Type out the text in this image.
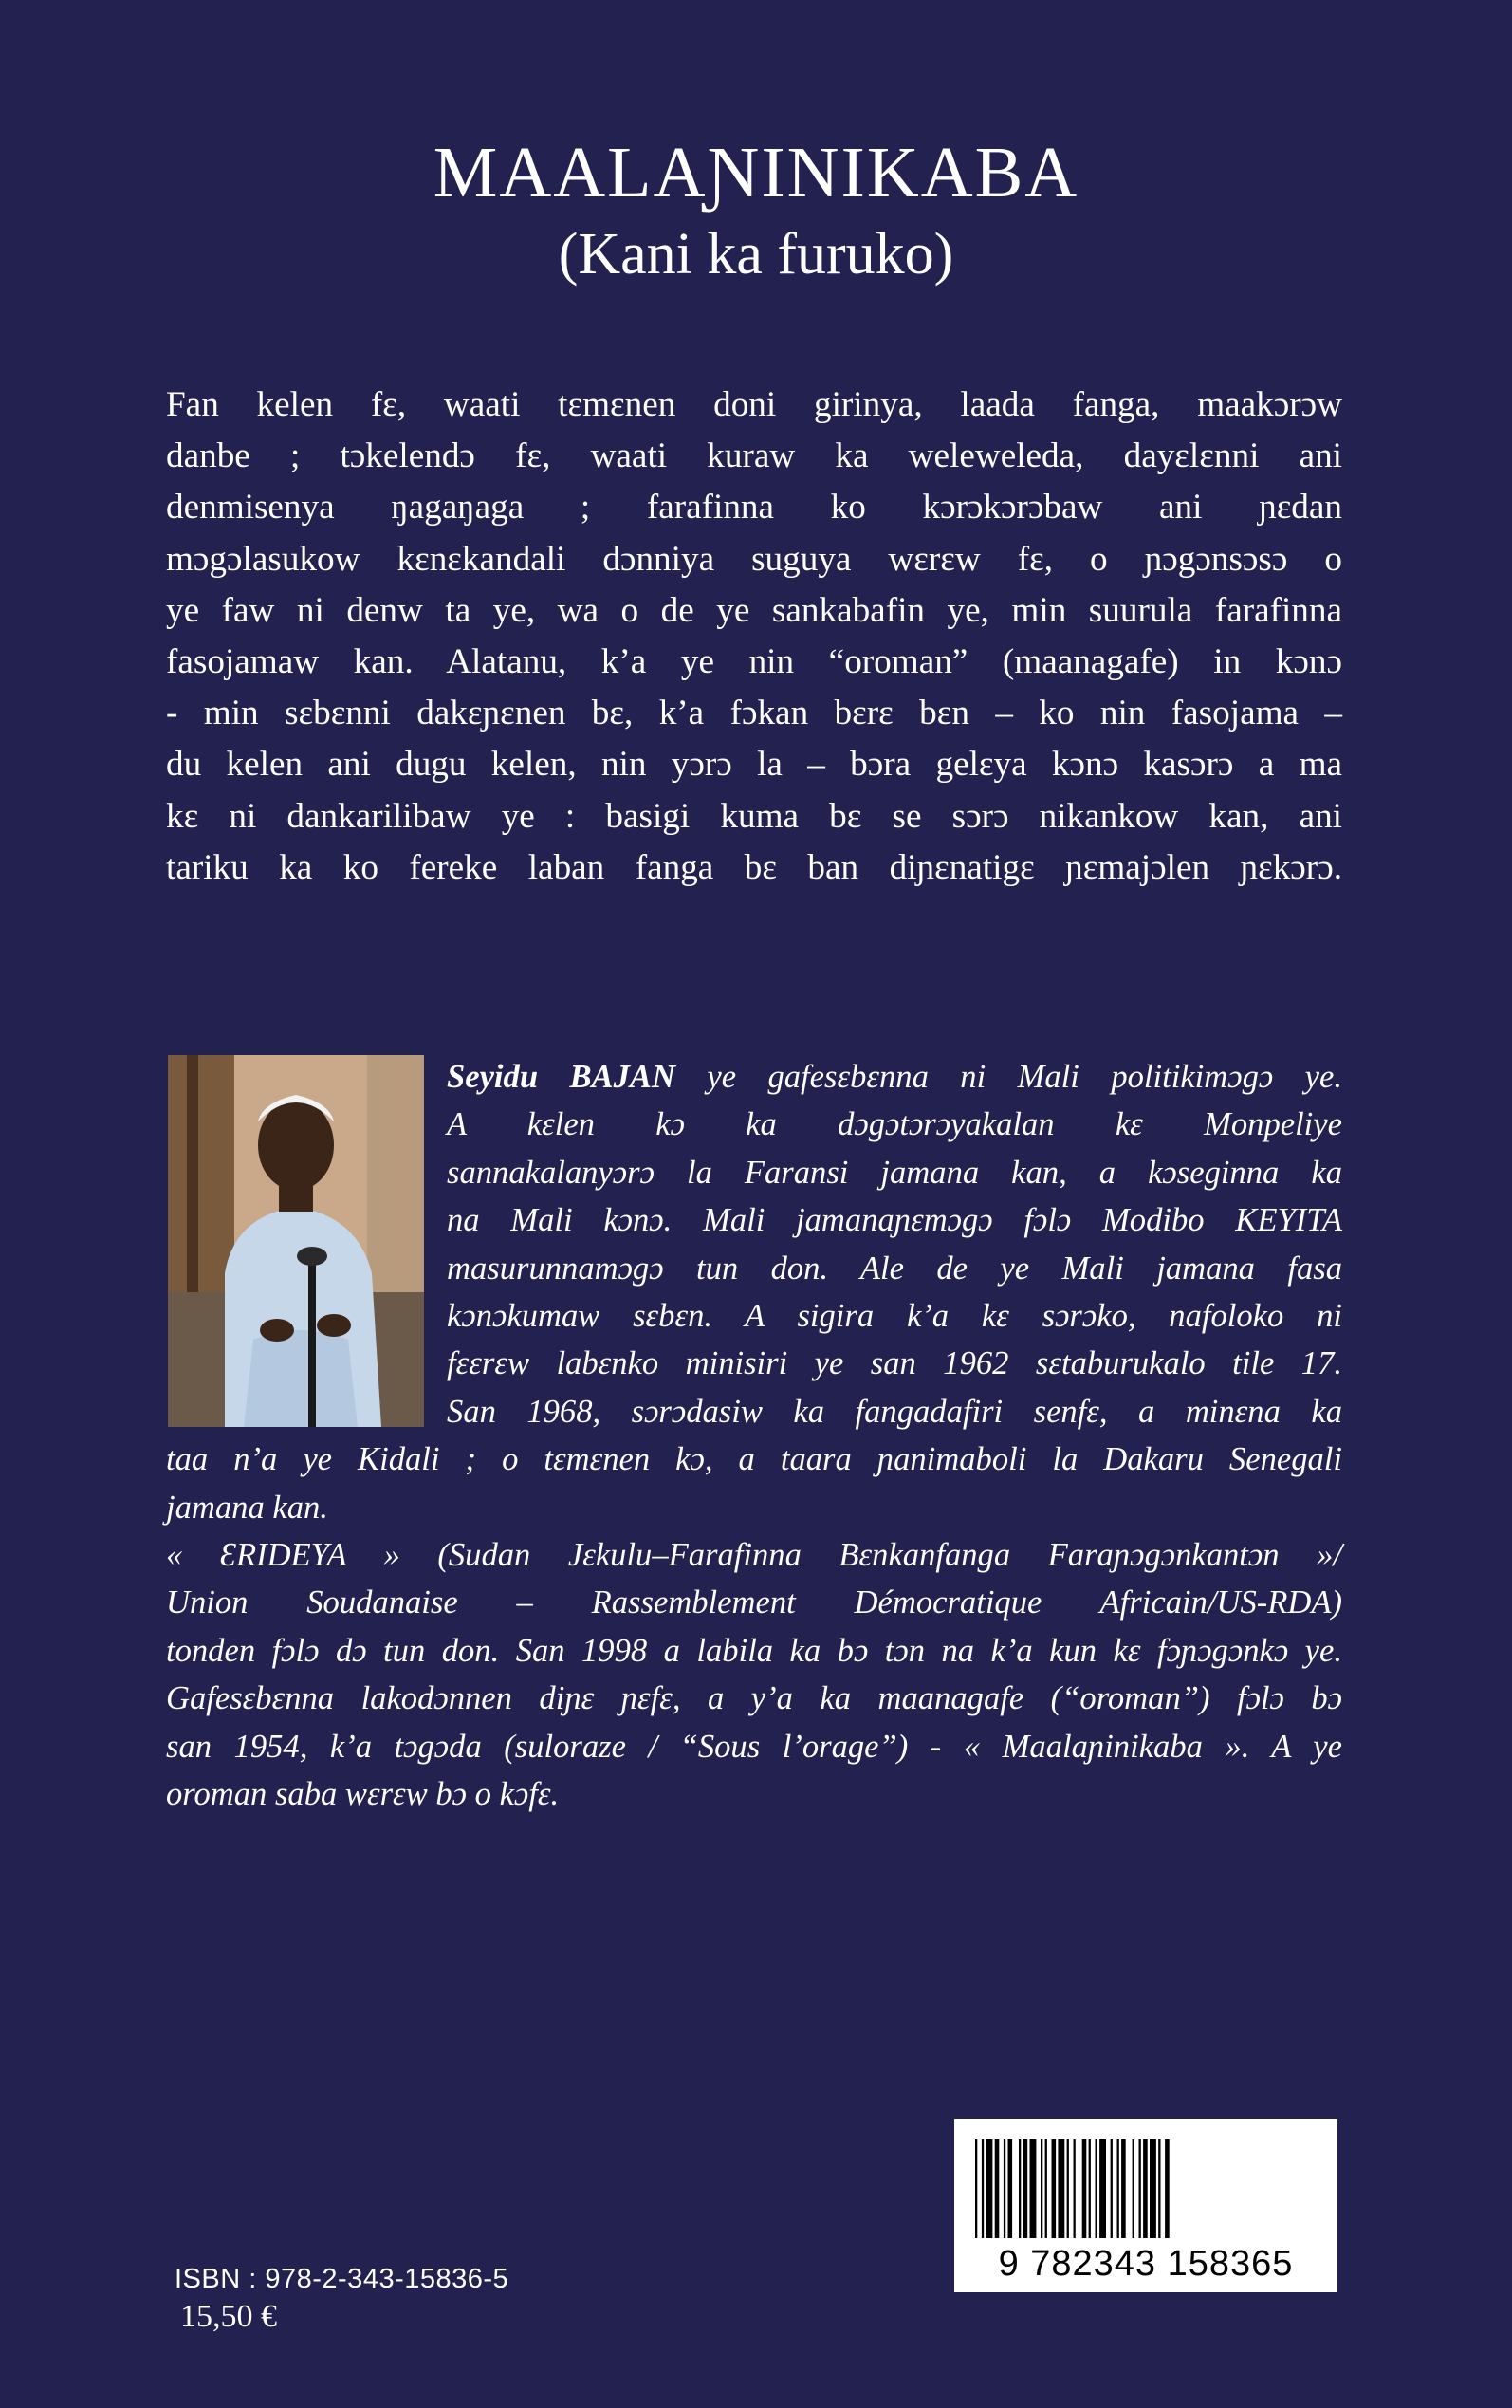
MAALAƝINIKABA
(Kani ka furuko)
Fan kelen fɛ, waati tɛmɛnen doni girinya, laada fanga, maakɔrɔw
danbe ; tɔkelendɔ fɛ, waati kuraw ka weleweleda, dayɛlɛnni ani
denmisenya ŋagaŋaga ; farafinna ko kɔrɔkɔrɔbaw ani ɲɛdan
mɔgɔlasukow kɛnɛkandali dɔnniya suguya wɛrɛw fɛ, o ɲɔgɔnsɔsɔ o
ye faw ni denw ta ye, wa o de ye sankabafin ye, min suurula farafinna
fasojamaw kan. Alatanu, k’a ye nin “oroman” (maanagafe) in kɔnɔ
- min sɛbɛnni dakɛɲɛnen bɛ, k’a fɔkan bɛrɛ bɛn – ko nin fasojama –
du kelen ani dugu kelen, nin yɔrɔ la – bɔra gelɛya kɔnɔ kasɔrɔ a ma
kɛ ni dankarilibaw ye : basigi kuma bɛ se sɔrɔ nikankow kan, ani
tariku ka ko fereke laban fanga bɛ ban diɲɛnatigɛ ɲɛmajɔlen ɲɛkɔrɔ.
Seyidu BAJAN ye gafesɛbɛnna ni Mali politikimɔgɔ ye.
A kɛlen kɔ ka dɔgɔtɔrɔyakalan kɛ Monpeliye
sannakalanyɔrɔ la Faransi jamana kan, a kɔseginna ka
na Mali kɔnɔ. Mali jamanaɲɛmɔgɔ fɔlɔ Modibo KEYITA
masurunnamɔgɔ tun don. Ale de ye Mali jamana fasa
kɔnɔkumaw sɛbɛn. A sigira k’a kɛ sɔrɔko, nafoloko ni
fɛɛrɛw labɛnko minisiri ye san 1962 sɛtaburukalo tile 17.
San 1968, sɔrɔdasiw ka fangadafiri senfɛ, a minɛna ka
taa n’a ye Kidali ; o tɛmɛnen kɔ, a taara ɲanimaboli la Dakaru Senegali
jamana kan.
« ƐRIDEYA » (Sudan Jɛkulu–Farafinna Bɛnkanfanga Faraɲɔgɔnkantɔn »/
Union Soudanaise – Rassemblement Démocratique Africain/US-RDA)
tonden fɔlɔ dɔ tun don. San 1998 a labila ka bɔ tɔn na k’a kun kɛ fɔɲɔgɔnkɔ ye.
Gafesɛbɛnna lakodɔnnen diɲɛ ɲɛfɛ, a y’a ka maanagafe (“oroman”) fɔlɔ bɔ
san 1954, k’a tɔgɔda (suloraze / “Sous l’orage”) - « Maalaɲinikaba ». A ye
oroman saba wɛrɛw bɔ o kɔfɛ.
ISBN : 978-2-343-15836-5
15,50 €
9 782343 158365
